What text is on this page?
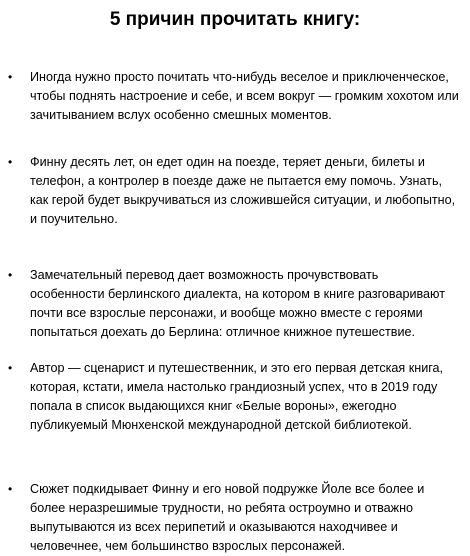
5 причин прочитать книгу:
• Иногда нужно просто почитать что-нибудь веселое и приключенческое,
чтобы поднять настроение и себе, и всем вокруг — громким хохотом или
зачитыванием вслух особенно смешных моментов.

• Финну десять лет, он едет один на поезде, теряет деньги, билеты и
телефон, а контролер в поезде даже не пытается ему помочь. Узнать,
как герой будет выкручиваться из сложившейся ситуации, и любопытно,
и поучительно.

• Замечательный перевод дает возможность прочувствовать
особенности берлинского диалекта, на котором в книге разговаривают
почти все взрослые персонажи, и вообще можно вместе с героями
попытаться доехать до Берлина: отличное книжное путешествие.

• Автор — сценарист и путешественник, и это его первая детская книга,
которая, кстати, имела настолько грандиозный успех, что в 2019 году
попала в список выдающихся книг «Белые вороны», ежегодно
публикуемый Мюнхенской международной детской библиотекой.

• Сюжет подкидывает Финну и его новой подружке Йоле все более и
более неразрешимые трудности, но ребята остроумно и отважно
выпутываются из всех перипетий и оказываются находчивее и
человечнее, чем большинство взрослых персонажей.
